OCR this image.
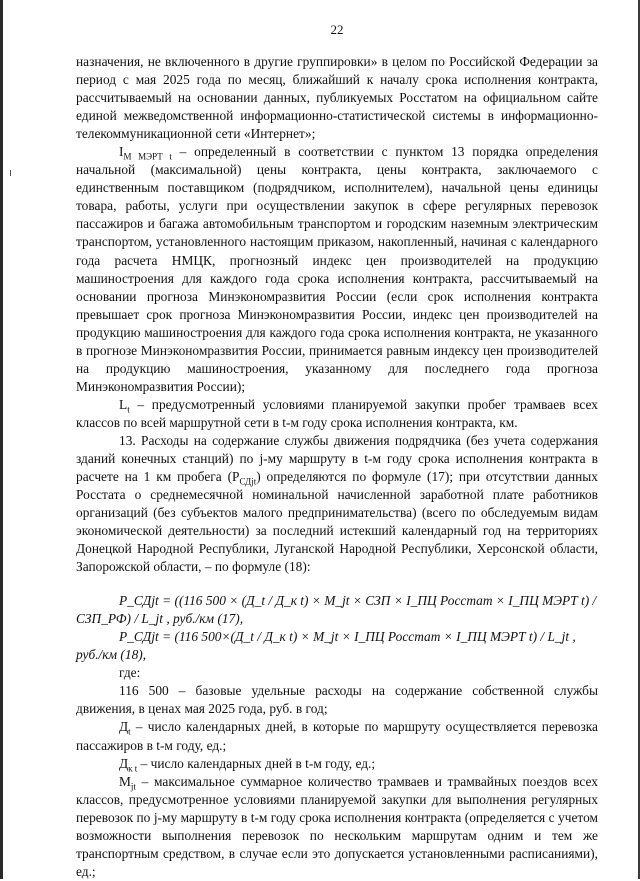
22

назначения, не включенного в другие группировки» в целом по Российской Федерации за период с мая 2025 года по месяц, ближайший к началу срока исполнения контракта, рассчитываемый на основании данных, публикуемых Росстатом на официальном сайте единой межведомственной информационно-статистической системы в информационно-телекоммуникационной сети «Интернет»;

$I_{М МЭРТ t}$ – определенный в соответствии с пунктом 13 порядка определения начальной (максимальной) цены контракта, цены контракта, заключаемого с единственным поставщиком (подрядчиком, исполнителем), начальной цены единицы товара, работы, услуги при осуществлении закупок в сфере регулярных перевозок пассажиров и багажа автомобильным транспортом и городским наземным электрическим транспортом, установленного настоящим приказом, накопленный, начиная с календарного года расчета НМЦК, прогнозный индекс цен производителей на продукцию машиностроения для каждого года срока исполнения контракта, рассчитываемый на основании прогноза Минэкономразвития России (если срок исполнения контракта превышает срок прогноза Минэкономразвития России, индекс цен производителей на продукцию машиностроения для каждого года срока исполнения контракта, не указанного в прогнозе Минэкономразвития России, принимается равным индексу цен производителей на продукцию машиностроения, указанному для последнего года прогноза Минэкономразвития России);

$L_t$ – предусмотренный условиями планируемой закупки пробег трамваев всех классов по всей маршрутной сети в t-м году срока исполнения контракта, км.

13. Расходы на содержание службы движения подрядчика (без учета содержания зданий конечных станций) по j-му маршруту в t-м году срока исполнения контракта в расчете на 1 км пробега $(Р_{СДjt})$ определяются по формуле (17); при отсутствии данных Росстата о среднемесячной номинальной начисленной заработной плате работников организаций (без субъектов малого предпринимательства) (всего по обследуемым видам экономической деятельности) за последний истекший календарный год на территориях Донецкой Народной Республики, Луганской Народной Республики, Херсонской области, Запорожской области, – по формуле (18):

Р_СДjt = ((116 500 × (Д_t / Д_к t) × M_jt × СЗП × I_ПЦ Росстат × I_ПЦ МЭРТ t) / СЗП_РФ) / L_jt , руб./км (17),

Р_СДjt = (116 500×(Д_t / Д_к t) × M_jt × I_ПЦ Росстат × I_ПЦ МЭРТ t) / L_jt , руб./км (18),

где:

116 500 – базовые удельные расходы на содержание собственной службы движения, в ценах мая 2025 года, руб. в год;

$Д_t$ – число календарных дней, в которые по маршруту осуществляется перевозка пассажиров в t-м году, ед.;

$Д_{к t}$ – число календарных дней в t-м году, ед.;

$M_{jt}$ – максимальное суммарное количество трамваев и трамвайных поездов всех классов, предусмотренное условиями планируемой закупки для выполнения регулярных перевозок по j-му маршруту в t-м году срока исполнения контракта (определяется с учетом возможности выполнения перевозок по нескольким маршрутам одним и тем же транспортным средством, в случае если это допускается установленными расписаниями), ед.;
